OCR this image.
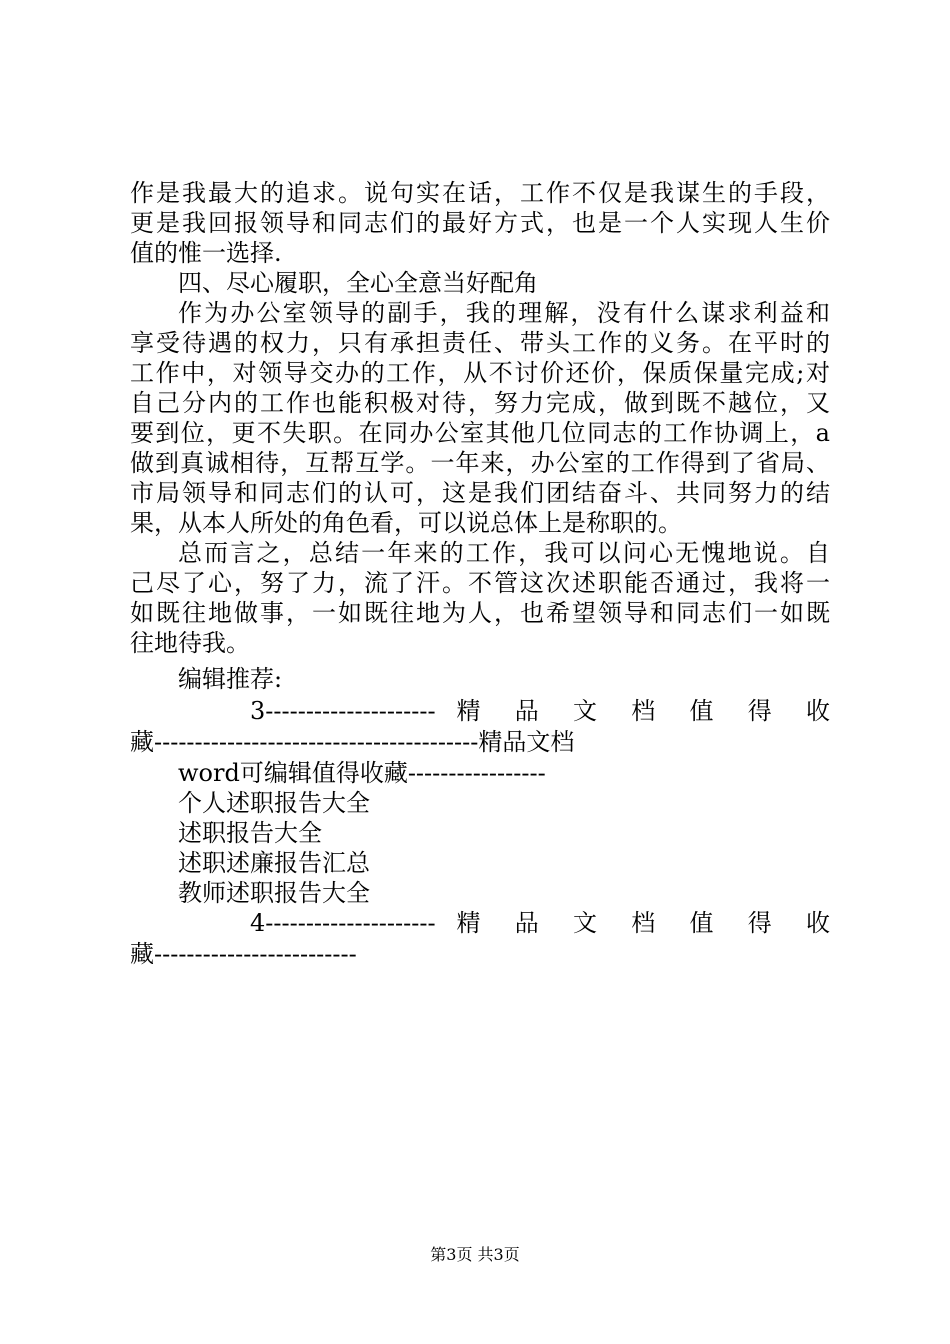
作是我最大的追求。说句实在话，工作不仅是我谋生的手段，
更是我回报领导和同志们的最好方式，也是一个人实现人生价
值的惟一选择.
四、尽心履职，全心全意当好配角
作为办公室领导的副手，我的理解，没有什么谋求利益和
享受待遇的权力，只有承担责任、带头工作的义务。在平时的
工作中，对领导交办的工作，从不讨价还价，保质保量完成;对
自己分内的工作也能积极对待，努力完成，做到既不越位，又
要到位，更不失职。在同办公室其他几位同志的工作协调上，a
做到真诚相待，互帮互学。一年来，办公室的工作得到了省局、
市局领导和同志们的认可，这是我们团结奋斗、共同努力的结
果，从本人所处的角色看，可以说总体上是称职的。
总而言之，总结一年来的工作，我可以问心无愧地说。自
己尽了心，努了力，流了汗。不管这次述职能否通过，我将一
如既往地做事，一如既往地为人，也希望领导和同志们一如既
往地待我。
编辑推荐:
3--------------------- 精 品 文 档 值 得 收
藏----------------------------------------精品文档
word可编辑值得收藏-----------------
个人述职报告大全
述职报告大全
述职述廉报告汇总
教师述职报告大全
4--------------------- 精 品 文 档 值 得 收
藏-------------------------
第3页 共3页
